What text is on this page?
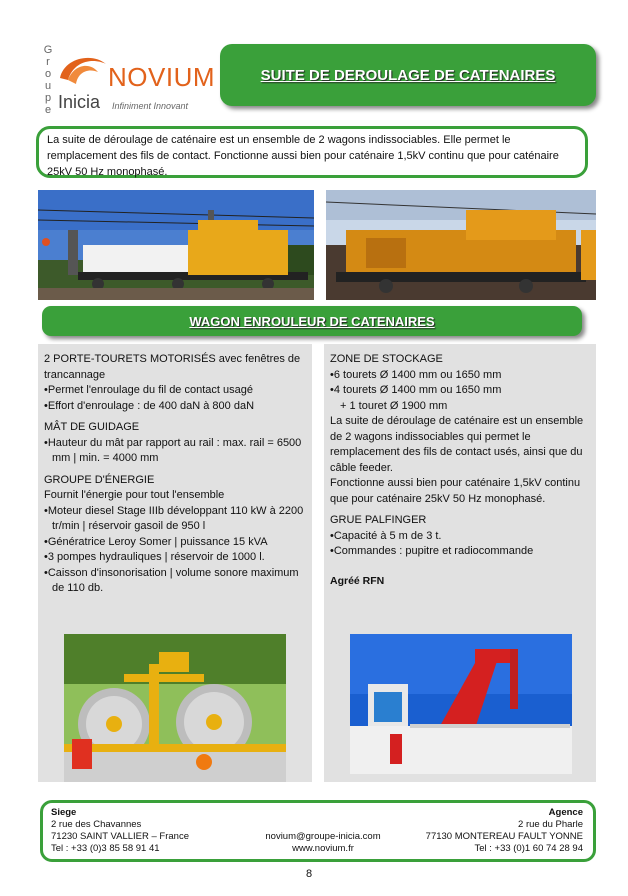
G
r
o
u
p
e
NOVIUM
Inicia Infiniment Innovant
SUITE DE DEROULAGE DE CATENAIRES
La suite de déroulage de caténaire est un ensemble de 2 wagons indissociables. Elle permet le remplacement des fils de contact. Fonctionne aussi bien pour caténaire 1,5kV continu que pour caténaire 25kV 50 Hz monophasé.
WAGON ENROULEUR DE CATENAIRES

2 PORTE-TOURETS MOTORISÉS avec fenêtres de trancannage

• Permet l'enroulage du fil de contact usagé
• Effort d'enroulage : de 400 daN à 800 daN

MÂT DE GUIDAGE

• Hauteur du mât par rapport au rail : max. rail = 6500 mm | min. = 4000 mm

GROUPE D'ÉNERGIE

Fournit l'énergie pour tout l'ensemble

• Moteur diesel Stage IIIb développant 110 kW à 2200 tr/min | réservoir gasoil de 950 l
• Génératrice Leroy Somer | puissance 15 kVA
• 3 pompes hydrauliques | réservoir de 1000 l.
• Caisson d'insonorisation | volume sonore maximum de 110 db.

ZONE DE STOCKAGE

• 6 tourets Ø 1400 mm ou 1650 mm
• 4 tourets Ø 1400 mm ou 1650 mm

+ 1 touret Ø 1900 mm

La suite de déroulage de caténaire est un ensemble de 2 wagons indissociables qui permet le remplacement des fils de contact usés, ainsi que du câble feeder.

Fonctionne aussi bien pour caténaire 1,5kV continu que pour caténaire 25kV 50 Hz monophasé.

GRUE PALFINGER

• Capacité à 5 m de 3 t.
• Commandes : pupitre et radiocommande

Agréé RFN

Siege
2 rue des Chavannes
71230 SAINT VALLIER – France
Tel : +33 (0)3 85 58 91 41
novium@groupe-inicia.com
www.novium.fr
Agence
2 rue du Pharle
77130 MONTEREAU FAULT YONNE
Tel : +33 (0)1 60 74 28 94
8
